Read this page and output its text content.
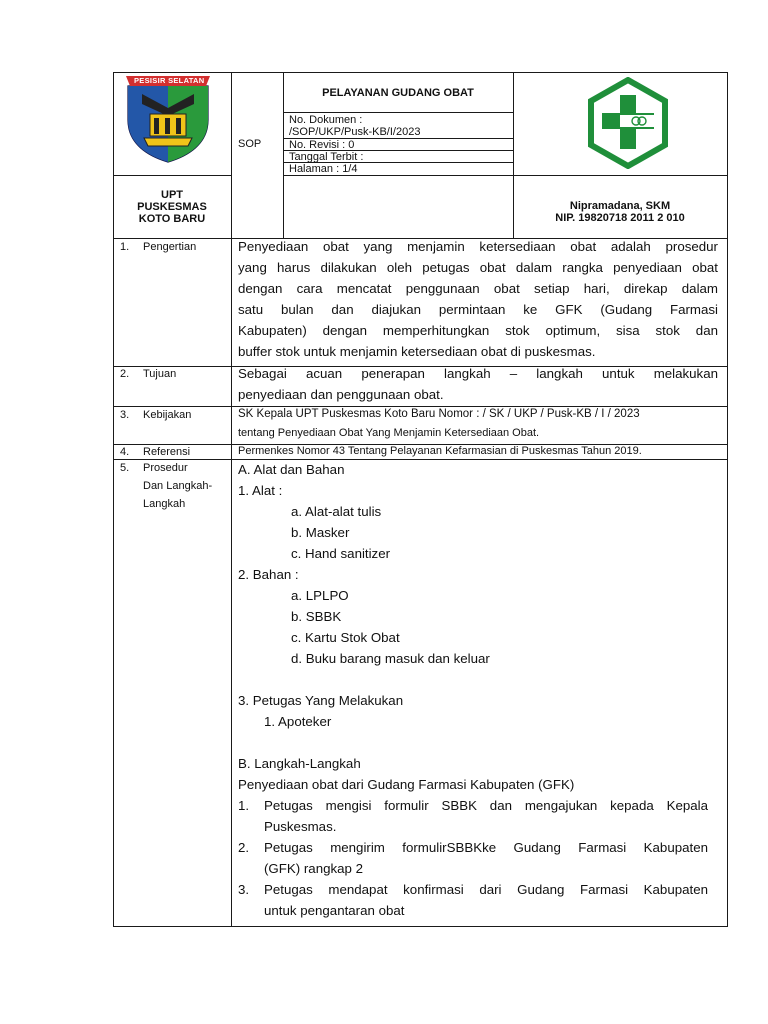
PESISIR SELATAN
UPT
PUSKESMAS
KOTO BARU
SOP
PELAYANAN GUDANG OBAT
No. Dokumen :
/SOP/UKP/Pusk-KB/I/2023
No. Revisi : 0
Tanggal Terbit :
Halaman : 1/4
Nipramadana, SKM
NIP. 19820718 2011 2 010
1. Pengertian	Penyediaan obat yang menjamin ketersediaan obat adalah prosedur
yang harus dilakukan oleh petugas obat dalam rangka penyediaan obat
dengan cara mencatat penggunaan obat setiap hari, direkap dalam
satu bulan dan diajukan permintaan ke GFK (Gudang Farmasi
Kabupaten) dengan memperhitungkan stok optimum, sisa stok dan
buffer stok untuk menjamin ketersediaan obat di puskesmas.
2. Tujuan	Sebagai acuan penerapan langkah – langkah untuk melakukan
penyediaan dan penggunaan obat.
3. Kebijakan	SK Kepala UPT Puskesmas Koto Baru Nomor : / SK / UKP / Pusk-KB / I / 2023
tentang Penyediaan Obat Yang Menjamin Ketersediaan Obat.
4. Referensi	Permenkes Nomor 43 Tentang Pelayanan Kefarmasian di Puskesmas Tahun 2019.
5. Prosedur
Dan Langkah-
Langkah
A. Alat dan Bahan
1. Alat :
a. Alat-alat tulis
b. Masker
c. Hand sanitizer
2. Bahan :
a. LPLPO
b. SBBK
c. Kartu Stok Obat
d. Buku barang masuk dan keluar
3. Petugas Yang Melakukan
1. Apoteker
B. Langkah-Langkah
Penyediaan obat dari Gudang Farmasi Kabupaten (GFK)
1. Petugas mengisi formulir SBBK dan mengajukan kepada Kepala
Puskesmas.
2. Petugas mengirim formulirSBBKke Gudang Farmasi Kabupaten
(GFK) rangkap 2
3. Petugas mendapat konfirmasi dari Gudang Farmasi Kabupaten
untuk pengantaran obat
